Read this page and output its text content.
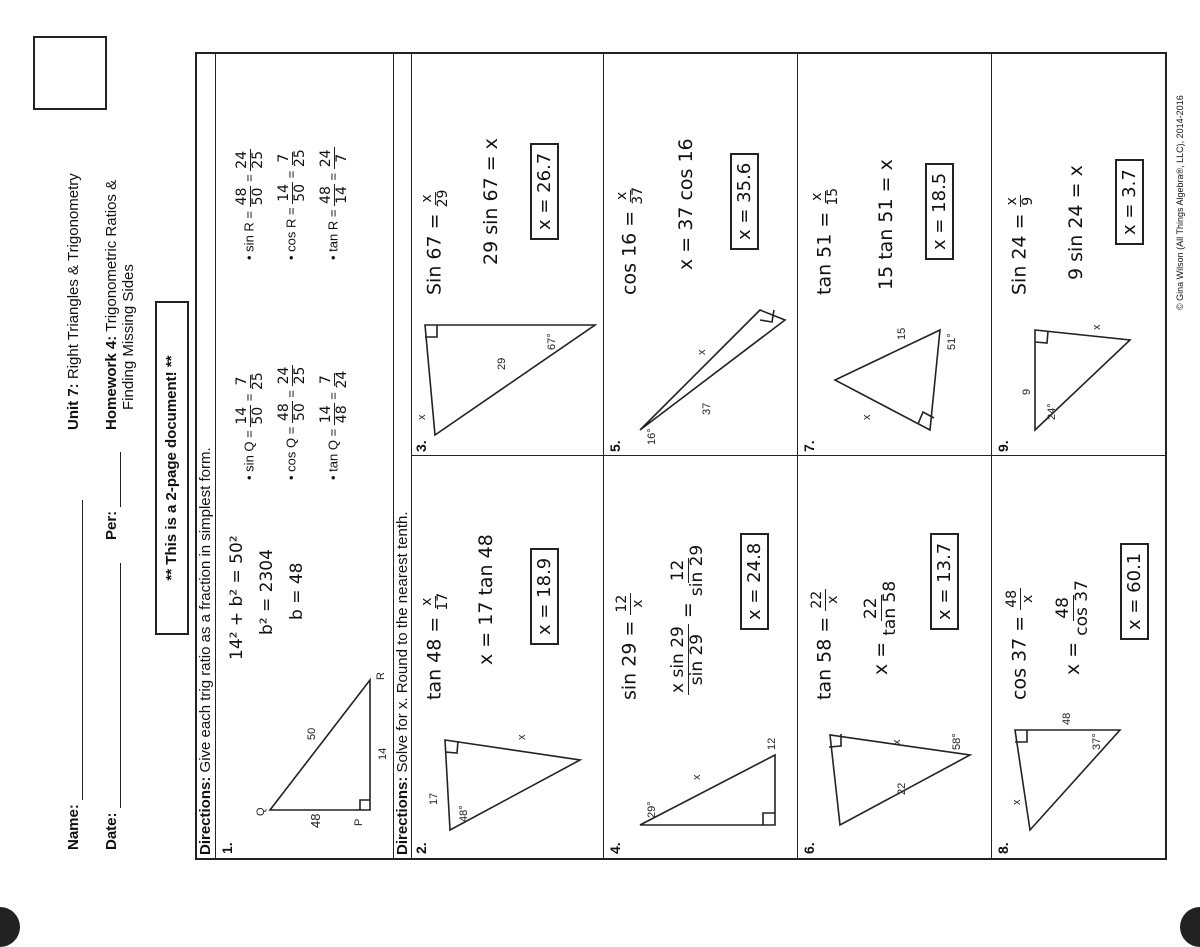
Name: Date:
Per:
Unit 7: Right Triangles & Trigonometry
Homework 4: Trigonometric Ratios &
Finding Missing Sides
** This is a 2-page document! **
Directions: Give each trig ratio as a fraction in simplest form.
Directions: Solve for x. Round to the nearest tenth.
1.
P
Q
R
48
14
50
14² + b² = 50² b² = 2304 b = 48
• sin Q =
14 50
=
7 25
• cos Q =
48 50
=
24 25
• tan Q =
14 48
=
7 24
• sin R =
48 50
=
24 25
• cos R =
14 50
=
7 25
• tan R =
48 14
=
24 7
2.
48°
17
x
tan 48 =
x 17 x = 17 tan 48 x = 18.9
3.
67°
29
x
Sin 67 =
x 29 29 sin 67 = x x = 26.7
4.
29°
12
x
sin 29 =
12 x
x sin 29
sin 29
=
12
sin 29 x = 24.8
5.
16°
37
x
cos 16 =
x 37 x = 37 cos 16 x = 35.6
6.
58°
22
x
tan 58 =
22 x
x =
22
tan 58 x = 13.7
7.
51°
15
x
tan 51 =
x 15 15 tan 51 = x x = 18.5
8.
37°
48
x
cos 37 =
48 x
x =
48
cos 37 x = 60.1
9.
24°
9
x
Sin 24 =
x 9 9 sin 24 = x x = 3.7	© Gina Wilson (All Things Algebra®, LLC), 2014-2016
